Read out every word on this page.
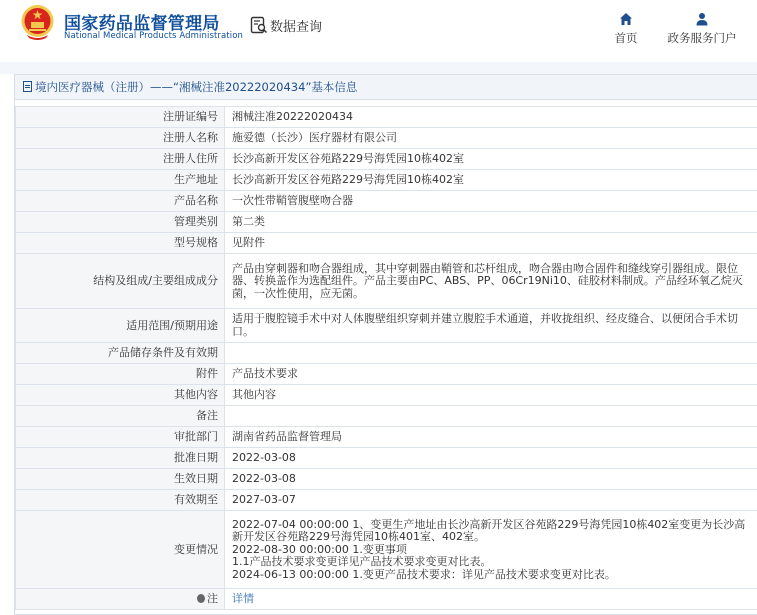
国家药品监督管理局
National Medical Products Administration
数据查询
首页	政务服务门户
境内医疗器械（注册）——“湘械注准20222020434”基本信息
注册证编号	湘械注准20222020434
注册人名称	施爱德（长沙）医疗器材有限公司
注册人住所	长沙高新开发区谷苑路229号海凭园10栋402室
生产地址	长沙高新开发区谷苑路229号海凭园10栋402室
产品名称	一次性带鞘管腹壁吻合器
管理类别	第二类
型号规格	见附件
结构及组成/主要组成成分	产品由穿刺器和吻合器组成，其中穿刺器由鞘管和芯杆组成，吻合器由吻合固件和缝线穿引器组成。限位器、转换盖作为选配组件。产品主要由PC、ABS、PP、06Cr19Ni10、硅胶材料制成。产品经环氧乙烷灭菌，一次性使用，应无菌。
适用范围/预期用途	适用于腹腔镜手术中对人体腹壁组织穿刺并建立腹腔手术通道，并收拢组织、经皮缝合、以便闭合手术切口。
产品储存条件及有效期	
附件	产品技术要求
其他内容	其他内容
备注	
审批部门	湖南省药品监督管理局
批准日期	2022-03-08
生效日期	2022-03-08
有效期至	2027-03-07
变更情况	2022-07-04 00:00:00 1、变更生产地址由长沙高新开发区谷苑路229号海凭园10栋402室变更为长沙高新开发区谷苑路229号海凭园10栋401室、402室。
2022-08-30 00:00:00 1.变更事项
1.1产品技术要求变更详见产品技术要求变更对比表。
2024-06-13 00:00:00 1.变更产品技术要求：详见产品技术要求变更对比表。

注	详情
